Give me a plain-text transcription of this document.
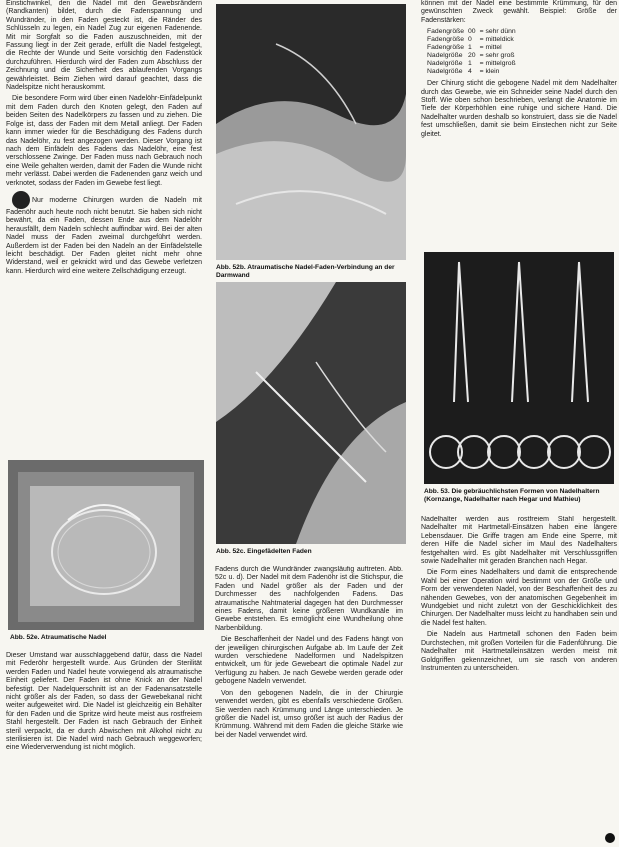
Einstichwinkel, den die Nadel mit den Gewebsrändern (Randkanten) bildet, durch die Fadenspannung und Wundränder, in den Faden gesteckt ist, die Ränder des Schlüsseln zu legen, ein Nadel Zug zur eigenen Fadenende. Mit mir Sorgfalt so die Faden auszuschneiden, mit der Fassung liegt in der Zeit gerade, erfüllt die Nadel festgelegt, die Rechte der Wunde und Seite vorsichtig den Fadenstück durchzuführen. Hierdurch wird der Faden zum Abschluss der Zeichnung und die Sicherheit des ablaufenden Vorgangs gewährleistet. Beim Ziehen wird darauf geachtet, dass die Nadelspitze nicht herauskommt.

Die besondere Form wird über einen Nadelöhr-Einfädelpunkt mit dem Faden durch den Knoten gelegt, den Faden auf beiden Seiten des Nadelkörpers zu fassen und zu ziehen. Die Folge ist, dass der Faden mit dem Metall anliegt. Der Faden kann immer wieder für die Beschädigung des Fadens durch das Nadelöhr, zu fest angezogen werden. Dieser Vorgang ist nach dem Einfädeln des Fadens das Nadelöhr, eine fest verschlossene Zwinge. Der Faden muss nach Gebrauch noch eine Weile gehalten werden, damit der Faden die Wunde nicht mehr verlässt. Dabei werden die Fadenenden ganz weich und verknotet, sodass der Faden im Gewebe fest liegt.

Nur moderne Chirurgen wurden die Nadeln mit Fadenöhr auch heute noch nicht benutzt. Sie haben sich nicht bewährt, da ein Faden, dessen Ende aus dem Nadelöhr herausfällt, dem Nadeln schlecht auffindbar wird. Bei der alten Nadel muss der Faden zweimal durchgeführt werden. Außerdem ist der Faden bei den Nadeln an der Einfädelstelle leicht beschädigt. Der Faden gleitet nicht mehr ohne Widerstand, weil er geknickt wird und das Gewebe verletzen kann. Hierdurch wird eine weitere Zellschädigung erzeugt.

Abb. 52e. Atraumatische Nadel

Dieser Umstand war ausschlaggebend dafür, dass die Nadel mit Federöhr hergestellt wurde. Aus Gründen der Sterilität werden Faden und Nadel heute vorwiegend als atraumatische Einheit geliefert. Der Faden ist ohne Knick an der Nadel befestigt. Der Nadelquerschnitt ist an der Fadenansatzstelle nicht größer als der Faden, so dass der Gewebekanal nicht weiter aufgeweitet wird. Die Nadel ist gleichzeitig ein Behälter für den Faden und die Spritze wird heute meist aus rostfreiem Stahl hergestellt. Der Faden ist nach Gebrauch der Einheit steril verpackt, da er durch Abwischen mit Alkohol nicht zu sterilisieren ist. Die Nadel wird nach Gebrauch weggeworfen; eine Wiederverwendung ist nicht möglich.

Abb. 52b. Atraumatische Nadel-Faden-Verbindung an der Darmwand
Abb. 52c. Eingefädelten Faden

Fadens durch die Wundränder zwangsläufig auftreten. Abb. 52c u. d). Der Nadel mit dem Fadenöhr ist die Stichspur, die Faden und Nadel größer als der Faden und der Durchmesser des nachfolgenden Fadens. Das atraumatische Nahtmaterial dagegen hat den Durchmesser eines Fadens, damit keine größeren Wundkanäle im Gewebe entstehen. Es ermöglicht eine Wundheilung ohne Narbenbildung.

Die Beschaffenheit der Nadel und des Fadens hängt von der jeweiligen chirurgischen Aufgabe ab. Im Laufe der Zeit wurden verschiedene Nadelformen und Nadelspitzen entwickelt, um für jede Gewebeart die optimale Nadel zur Verfügung zu haben. Je nach Gewebe werden gerade oder gebogene Nadeln verwendet.

Von den gebogenen Nadeln, die in der Chirurgie verwendet werden, gibt es ebenfalls verschiedene Größen. Sie werden nach Krümmung und Länge unterschieden. Je größer die Nadel ist, umso größer ist auch der Radius der Krümmung. Während mit dem Faden die gleiche Stärke wie bei der Nadel verwendet wird.

können mit der Nadel eine bestimmte Krümmung, für den gewünschten Zweck gewählt. Beispiel: Größe der Fadenstärken:

Fadengröße	00	= sehr dünn
Fadengröße	0	= mitteldick
Fadengröße	1	= mittel
Nadelgröße	20	= sehr groß
Nadelgröße	1	= mittelgroß
Nadelgröße	4	= klein

Der Chirurg sticht die gebogene Nadel mit dem Nadelhalter durch das Gewebe, wie ein Schneider seine Nadel durch den Stoff. Wie oben schon beschrieben, verlangt die Anatomie im Tiefe der Körperhöhlen eine ruhige und sichere Hand. Die Nadelhalter wurden deshalb so konstruiert, dass sie die Nadel fest umschließen, damit sie beim Einstechen nicht zur Seite gleitet.

Abb. 53. Die gebräuchlichsten Formen von Nadelhaltern (Kornzange, Nadelhalter nach Hegar und Mathieu)

Nadelhalter werden aus rostfreiem Stahl hergestellt. Nadelhalter mit Hartmetall-Einsätzen haben eine längere Lebensdauer. Die Griffe tragen am Ende eine Sperre, mit deren Hilfe die Nadel sicher im Maul des Nadelhalters festgehalten wird. Es gibt Nadelhalter mit Verschlussgriffen sowie Nadelhalter mit geraden Branchen nach Hegar.

Die Form eines Nadelhalters und damit die entsprechende Wahl bei einer Operation wird bestimmt von der Größe und Form der verwendeten Nadel, von der Beschaffenheit des zu nähenden Gewebes, von der anatomischen Gegebenheit im Wundgebiet und nicht zuletzt von der Geschicklichkeit des Chirurgen. Der Nadelhalter muss leicht zu handhaben sein und die Nadel fest halten.

Die Nadeln aus Hartmetall schonen den Faden beim Durchstechen, mit großen Vorteilen für die Fadenführung. Die Nadelhalter mit Hartmetalleinsätzen werden meist mit Goldgriffen gekennzeichnet, um sie rasch von anderen Instrumenten zu unterscheiden.
